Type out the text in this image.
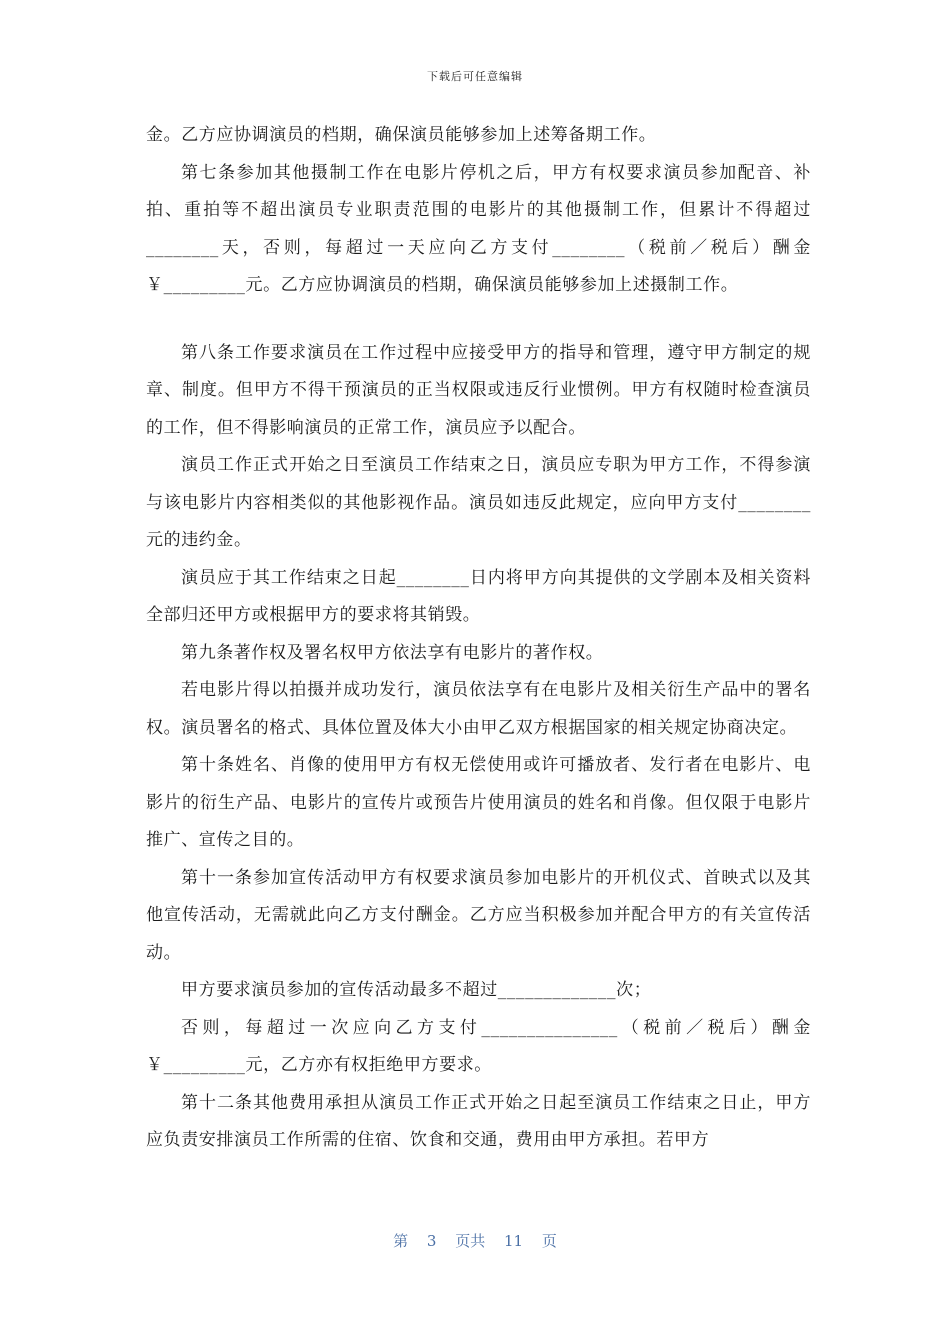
下载后可任意编辑

金。乙方应协调演员的档期，确保演员能够参加上述筹备期工作。

第七条参加其他摄制工作在电影片停机之后，甲方有权要求演员参加配音、补拍、重拍等不超出演员专业职责范围的电影片的其他摄制工作，但累计不得超过________天，否则，每超过一天应向乙方支付________（税前／税后）酬金￥_________元。乙方应协调演员的档期，确保演员能够参加上述摄制工作。

第八条工作要求演员在工作过程中应接受甲方的指导和管理，遵守甲方制定的规章、制度。但甲方不得干预演员的正当权限或违反行业惯例。甲方有权随时检查演员的工作，但不得影响演员的正常工作，演员应予以配合。

演员工作正式开始之日至演员工作结束之日，演员应专职为甲方工作，不得参演与该电影片内容相类似的其他影视作品。演员如违反此规定，应向甲方支付________元的违约金。

演员应于其工作结束之日起________日内将甲方向其提供的文学剧本及相关资料全部归还甲方或根据甲方的要求将其销毁。

第九条著作权及署名权甲方依法享有电影片的著作权。

若电影片得以拍摄并成功发行，演员依法享有在电影片及相关衍生产品中的署名权。演员署名的格式、具体位置及体大小由甲乙双方根据国家的相关规定协商决定。

第十条姓名、肖像的使用甲方有权无偿使用或许可播放者、发行者在电影片、电影片的衍生产品、电影片的宣传片或预告片使用演员的姓名和肖像。但仅限于电影片推广、宣传之目的。

第十一条参加宣传活动甲方有权要求演员参加电影片的开机仪式、首映式以及其他宣传活动，无需就此向乙方支付酬金。乙方应当积极参加并配合甲方的有关宣传活动。

甲方要求演员参加的宣传活动最多不超过_____________次；

否则，每超过一次应向乙方支付_______________（税前／税后）酬金￥_________元，乙方亦有权拒绝甲方要求。

第十二条其他费用承担从演员工作正式开始之日起至演员工作结束之日止，甲方应负责安排演员工作所需的住宿、饮食和交通，费用由甲方承担。若甲方

第 3 页共 11 页
